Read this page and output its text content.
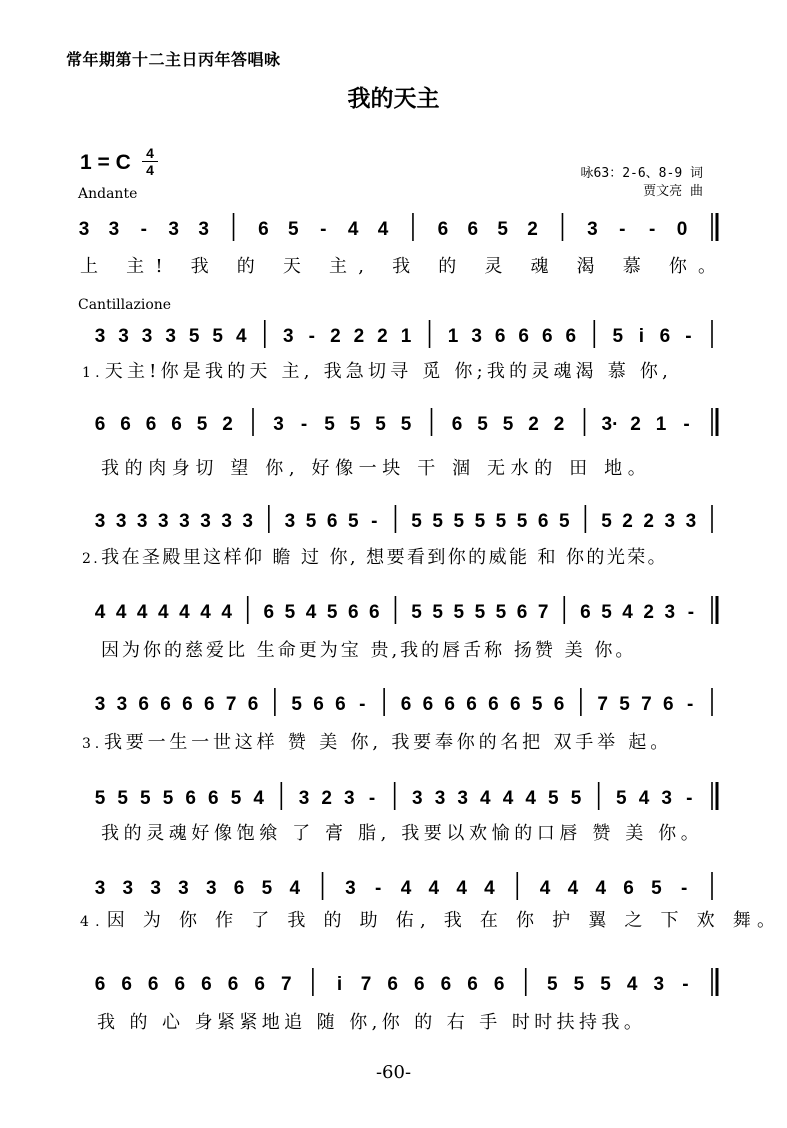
常年期第十二主日丙年答唱咏
我的天主
1 = C 4
4
Andante
咏63：2-6、8-9 词
贾文亮 曲
Cantillazione
3 3 - 3 3	6 5 - 4 4	6 6 5 2	3 - - 0
上 主! 我 的 天 主, 我 的 灵 魂 渴 慕 你。
3 3 3 3 5 5 4 3 - 2 2 2 1 1 3 6 6 6 6 5 i 6 -
1.天主!你是我的天 主, 我急切寻 觅 你;我的灵魂渴 慕 你,
6 6 6 6 5 2 3 - 5 5 5 5 6 5 5 2 2 3· 2 1 -
我的肉身切 望 你, 好像一块 干 涸 无水的 田 地。
3 3 3 3 3 3 3 3 3 5 6 5 - 5 5 5 5 5 5 6 5 5 2 2 3 3
2.我在圣殿里这样仰 瞻 过 你, 想要看到你的威能 和 你的光荣。
4 4 4 4 4 4 4 6 5 4 5 6 6 5 5 5 5 5 6 7 6 5 4 2 3 -
因为你的慈爱比 生命更为宝 贵,我的唇舌称 扬赞 美 你。
3 3 6 6 6 6 7 6 5 6 6 - 6 6 6 6 6 6 5 6 7 5 7 6 -
3.我要一生一世这样 赞 美 你, 我要奉你的名把 双手举 起。
5 5 5 5 6 6 5 4 3 2 3 - 3 3 3 4 4 4 5 5 5 4 3 -
我的灵魂好像饱飨 了 膏 脂, 我要以欢愉的口唇 赞 美 你。
3 3 3 3 3 6 5 4 3 - 4 4 4 4 4 4 4 6 5 -
4.因 为 你 作 了 我 的 助 佑, 我 在 你 护 翼 之 下 欢 舞。
6 6 6 6 6 6 6 7 i 7 6 6 6 6 6 5 5 5 4 3 -
我 的 心 身紧紧地追 随 你,你 的 右 手 时时扶持我。
-60-
